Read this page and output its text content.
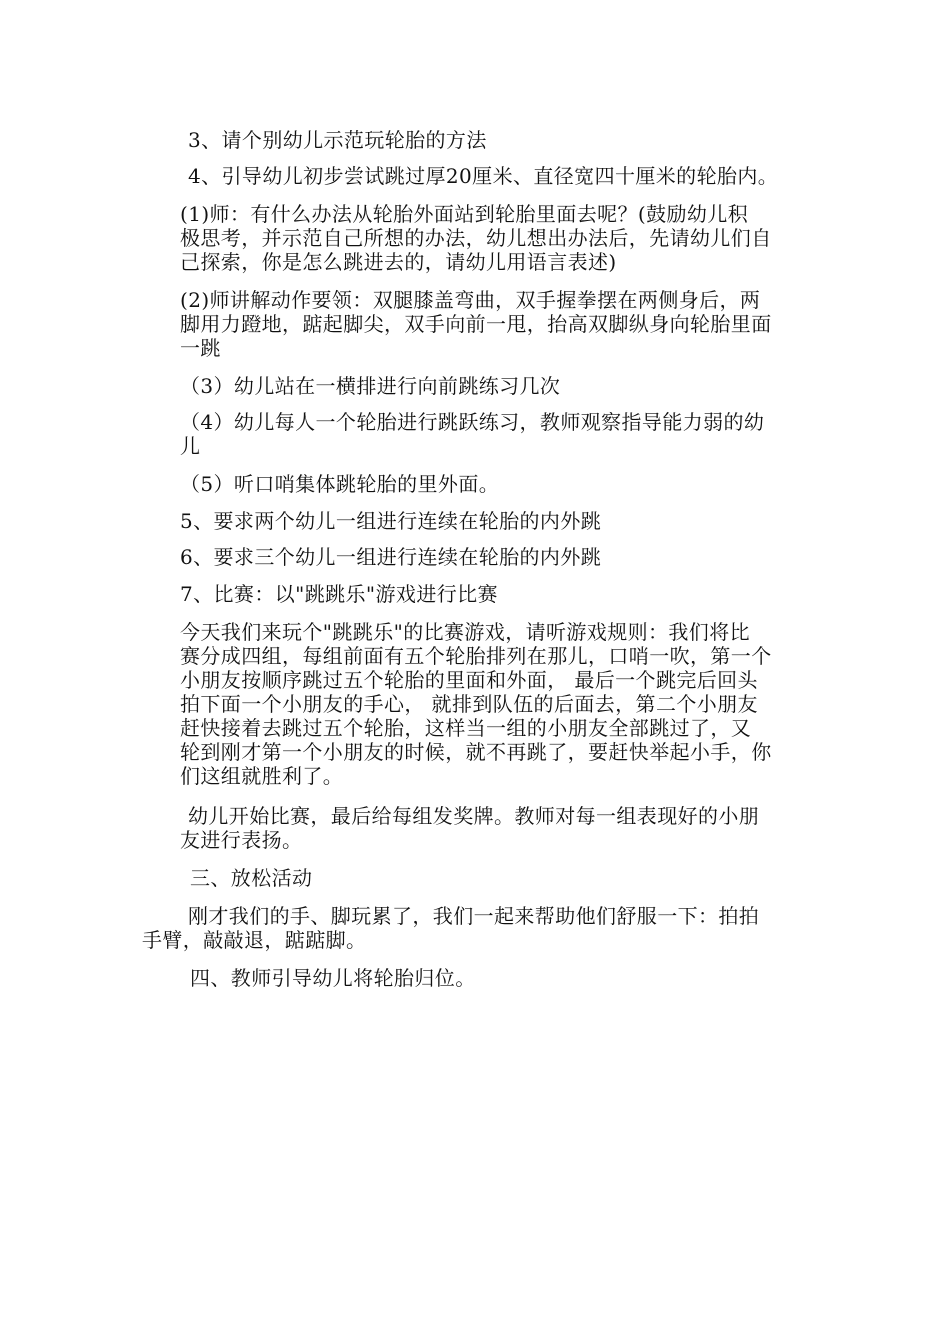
3、请个别幼儿示范玩轮胎的方法

4、引导幼儿初步尝试跳过厚20厘米、直径宽四十厘米的轮胎内。

(1)师：有什么办法从轮胎外面站到轮胎里面去呢？(鼓励幼儿积
极思考，并示范自己所想的办法，幼儿想出办法后，先请幼儿们自
己探索，你是怎么跳进去的，请幼儿用语言表述)

(2)师讲解动作要领：双腿膝盖弯曲，双手握拳摆在两侧身后，两
脚用力蹬地，踮起脚尖，双手向前一甩，抬高双脚纵身向轮胎里面
一跳

（3）幼儿站在一横排进行向前跳练习几次

（4）幼儿每人一个轮胎进行跳跃练习，教师观察指导能力弱的幼
儿

（5）听口哨集体跳轮胎的里外面。

5、要求两个幼儿一组进行连续在轮胎的内外跳

6、要求三个幼儿一组进行连续在轮胎的内外跳

7、比赛：以"跳跳乐"游戏进行比赛

今天我们来玩个"跳跳乐"的比赛游戏，请听游戏规则：我们将比
赛分成四组，每组前面有五个轮胎排列在那儿，口哨一吹，第一个
小朋友按顺序跳过五个轮胎的里面和外面， 最后一个跳完后回头
拍下面一个小朋友的手心， 就排到队伍的后面去，第二个小朋友
赶快接着去跳过五个轮胎，这样当一组的小朋友全部跳过了，又
轮到刚才第一个小朋友的时候，就不再跳了，要赶快举起小手，你
们这组就胜利了。

幼儿开始比赛，最后给每组发奖牌。教师对每一组表现好的小朋
友进行表扬。

三、放松活动

刚才我们的手、脚玩累了，我们一起来帮助他们舒服一下：拍拍
手臂，敲敲退，踮踮脚。

四、教师引导幼儿将轮胎归位。
